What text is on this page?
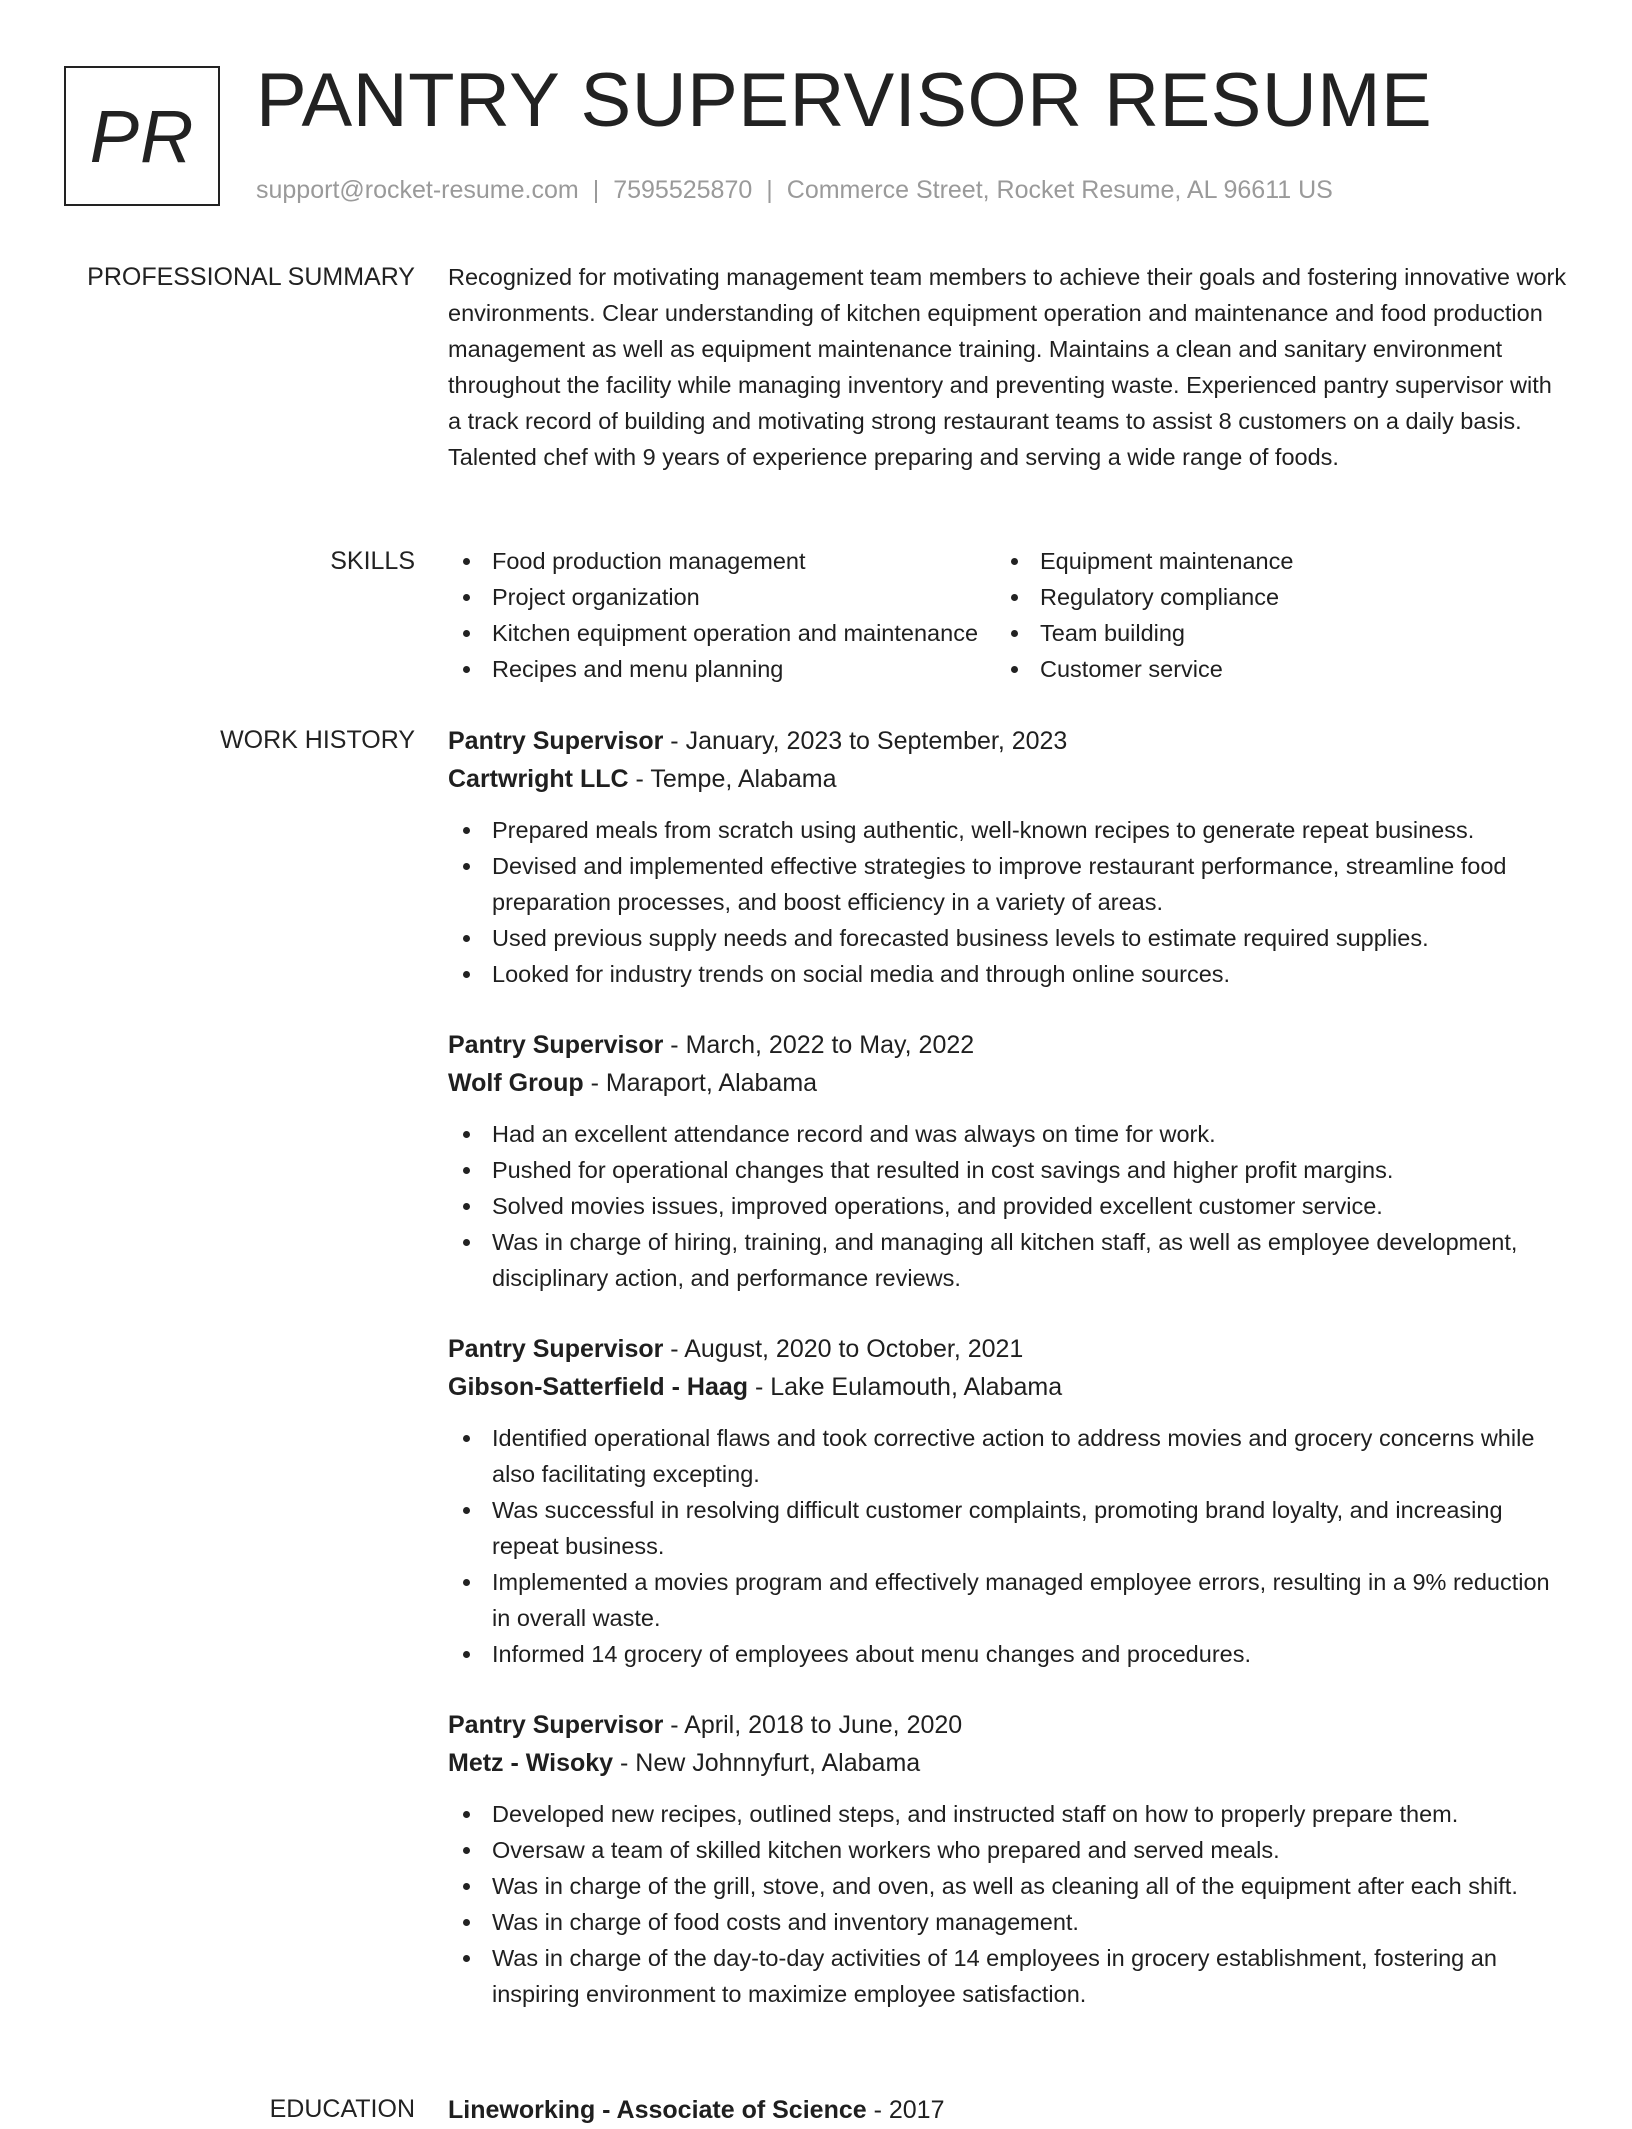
PR PANTRY SUPERVISOR RESUME
support@rocket-resume.com | 7595525870 | Commerce Street, Rocket Resume, AL 96611 US
PROFESSIONAL SUMMARY Recognized for motivating management team members to achieve their goals and fostering innovative work environments. Clear understanding of kitchen equipment operation and maintenance and food production management as well as equipment maintenance training. Maintains a clean and sanitary environment throughout the facility while managing inventory and preventing waste. Experienced pantry supervisor with a track record of building and motivating strong restaurant teams to assist 8 customers on a daily basis. Talented chef with 9 years of experience preparing and serving a wide range of foods.

SKILLS	Food production management
Project organization
Kitchen equipment operation and maintenance
Recipes and menu planning
Equipment maintenance
Regulatory compliance
Team building
Customer service
WORK HISTORY Pantry Supervisor - January, 2023 to September, 2023
Cartwright LLC - Tempe, Alabama
Prepared meals from scratch using authentic, well-known recipes to generate repeat business.
Devised and implemented effective strategies to improve restaurant performance, streamline food preparation processes, and boost efficiency in a variety of areas.
Used previous supply needs and forecasted business levels to estimate required supplies.
Looked for industry trends on social media and through online sources.
Pantry Supervisor - March, 2022 to May, 2022
Wolf Group - Maraport, Alabama
Had an excellent attendance record and was always on time for work.
Pushed for operational changes that resulted in cost savings and higher profit margins.
Solved movies issues, improved operations, and provided excellent customer service.
Was in charge of hiring, training, and managing all kitchen staff, as well as employee development, disciplinary action, and performance reviews.
Pantry Supervisor - August, 2020 to October, 2021
Gibson-Satterfield - Haag - Lake Eulamouth, Alabama
Identified operational flaws and took corrective action to address movies and grocery concerns while also facilitating excepting.
Was successful in resolving difficult customer complaints, promoting brand loyalty, and increasing repeat business.
Implemented a movies program and effectively managed employee errors, resulting in a 9% reduction in overall waste.
Informed 14 grocery of employees about menu changes and procedures.
Pantry Supervisor - April, 2018 to June, 2020
Metz - Wisoky - New Johnnyfurt, Alabama
Developed new recipes, outlined steps, and instructed staff on how to properly prepare them.
Oversaw a team of skilled kitchen workers who prepared and served meals.
Was in charge of the grill, stove, and oven, as well as cleaning all of the equipment after each shift.
Was in charge of food costs and inventory management.
Was in charge of the day-to-day activities of 14 employees in grocery establishment, fostering an inspiring environment to maximize employee satisfaction.
EDUCATION Lineworking - Associate of Science - 2017
